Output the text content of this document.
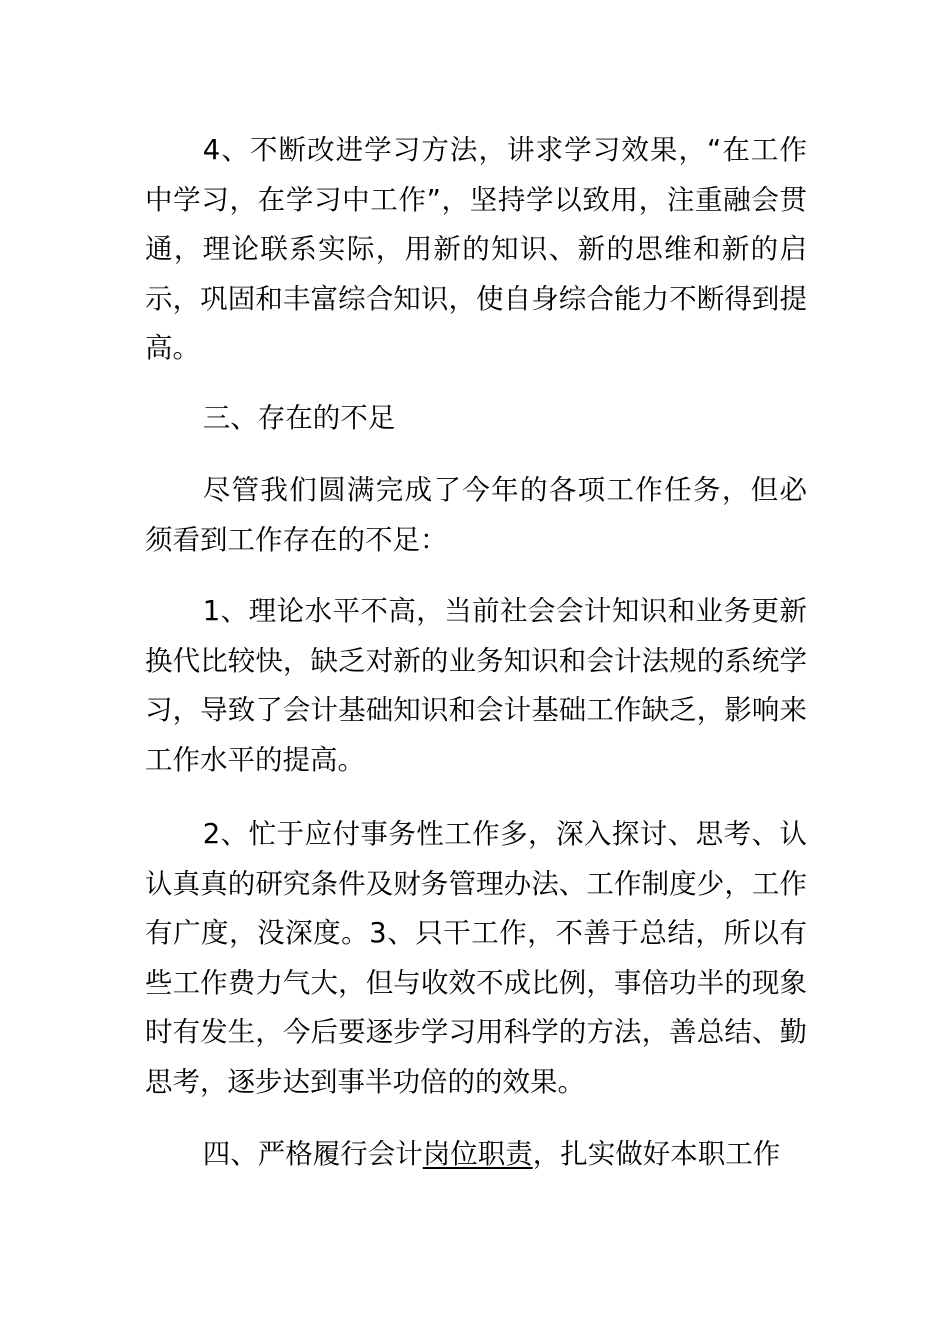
4、不断改进学习方法，讲求学习效果，“在工作中学习，在学习中工作”，坚持学以致用，注重融会贯通，理论联系实际，用新的知识、新的思维和新的启示，巩固和丰富综合知识，使自身综合能力不断得到提高。

三、存在的不足

尽管我们圆满完成了今年的各项工作任务，但必须看到工作存在的不足：

1、理论水平不高，当前社会会计知识和业务更新换代比较快，缺乏对新的业务知识和会计法规的系统学习，导致了会计基础知识和会计基础工作缺乏，影响来工作水平的提高。

2、忙于应付事务性工作多，深入探讨、思考、认认真真的研究条件及财务管理办法、工作制度少，工作有广度，没深度。3、只干工作，不善于总结，所以有些工作费力气大，但与收效不成比例，事倍功半的现象时有发生，今后要逐步学习用科学的方法，善总结、勤思考，逐步达到事半功倍的的效果。

四、严格履行会计岗位职责，扎实做好本职工作
